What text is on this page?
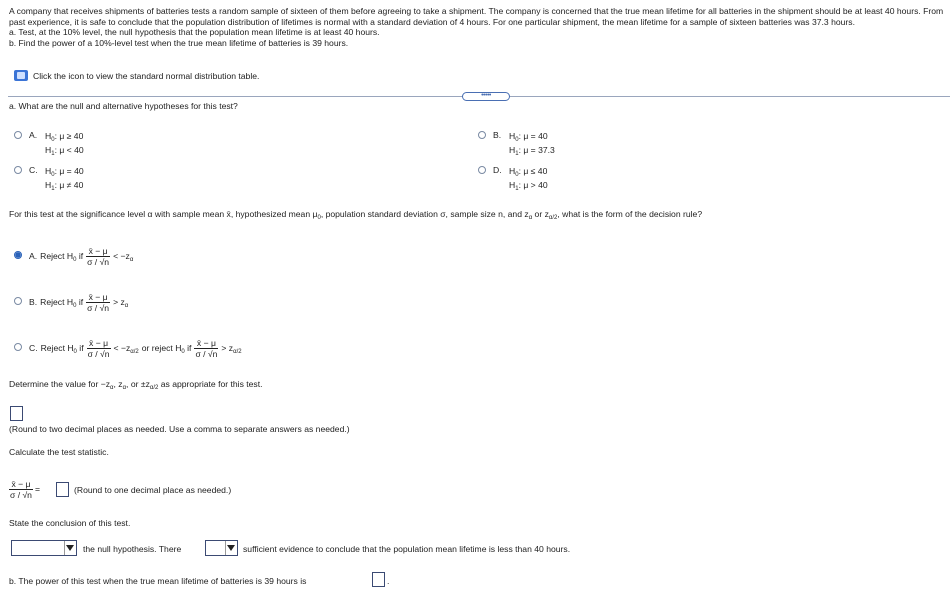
A company that receives shipments of batteries tests a random sample of sixteen of them before agreeing to take a shipment. The company is concerned that the true mean lifetime for all batteries in the shipment should be at least 40 hours. From past experience, it is safe to conclude that the population distribution of lifetimes is normal with a standard deviation of 4 hours. For one particular shipment, the mean lifetime for a sample of sixteen batteries was 37.3 hours.
a. Test, at the 10% level, the null hypothesis that the population mean lifetime is at least 40 hours.
b. Find the power of a 10%-level test when the true mean lifetime of batteries is 39 hours.
Click the icon to view the standard normal distribution table.
•••••
a. What are the null and alternative hypotheses for this test?
A. $H_0$: μ ≥ 40
$H_1$: μ < 40
B. $H_0$: μ = 40
$H_1$: μ = 37.3
C. $H_0$: μ = 40
$H_1$: μ ≠ 40
D. $H_0$: μ ≤ 40
$H_1$: μ > 40
For this test at the significance level α with sample mean x̄, hypothesized mean $\mu_0$, population standard deviation σ, sample size n, and $z_\alpha$ or $z_{\alpha/2}$, what is the form of the decision rule?
A. Reject $H_0$ if $\frac{x̄ - \mu}{\sigma / √n} < -z_\alpha$
B. Reject $H_0$ if $\frac{x̄ - \mu}{\sigma / √n} > z_\alpha$
C. Reject $H_0$ if $\frac{x̄ - \mu}{\sigma / √n} < -z_{\alpha/2}$ or reject $H_0$ if $\frac{x̄ - \mu}{\sigma / √n} > z_{\alpha/2}$
Determine the value for $-z_\alpha$, $z_\alpha$, or $\pm z_{\alpha/2}$ as appropriate for this test.
(Round to two decimal places as needed. Use a comma to separate answers as needed.)
Calculate the test statistic.
$\frac{x̄ - \mu}{\sigma / √n}$ =	(Round to one decimal place as needed.)
State the conclusion of this test.
the null hypothesis. There	sufficient evidence to conclude that the population mean lifetime is less than 40 hours.
b. The power of this test when the true mean lifetime of batteries is 39 hours is	.
